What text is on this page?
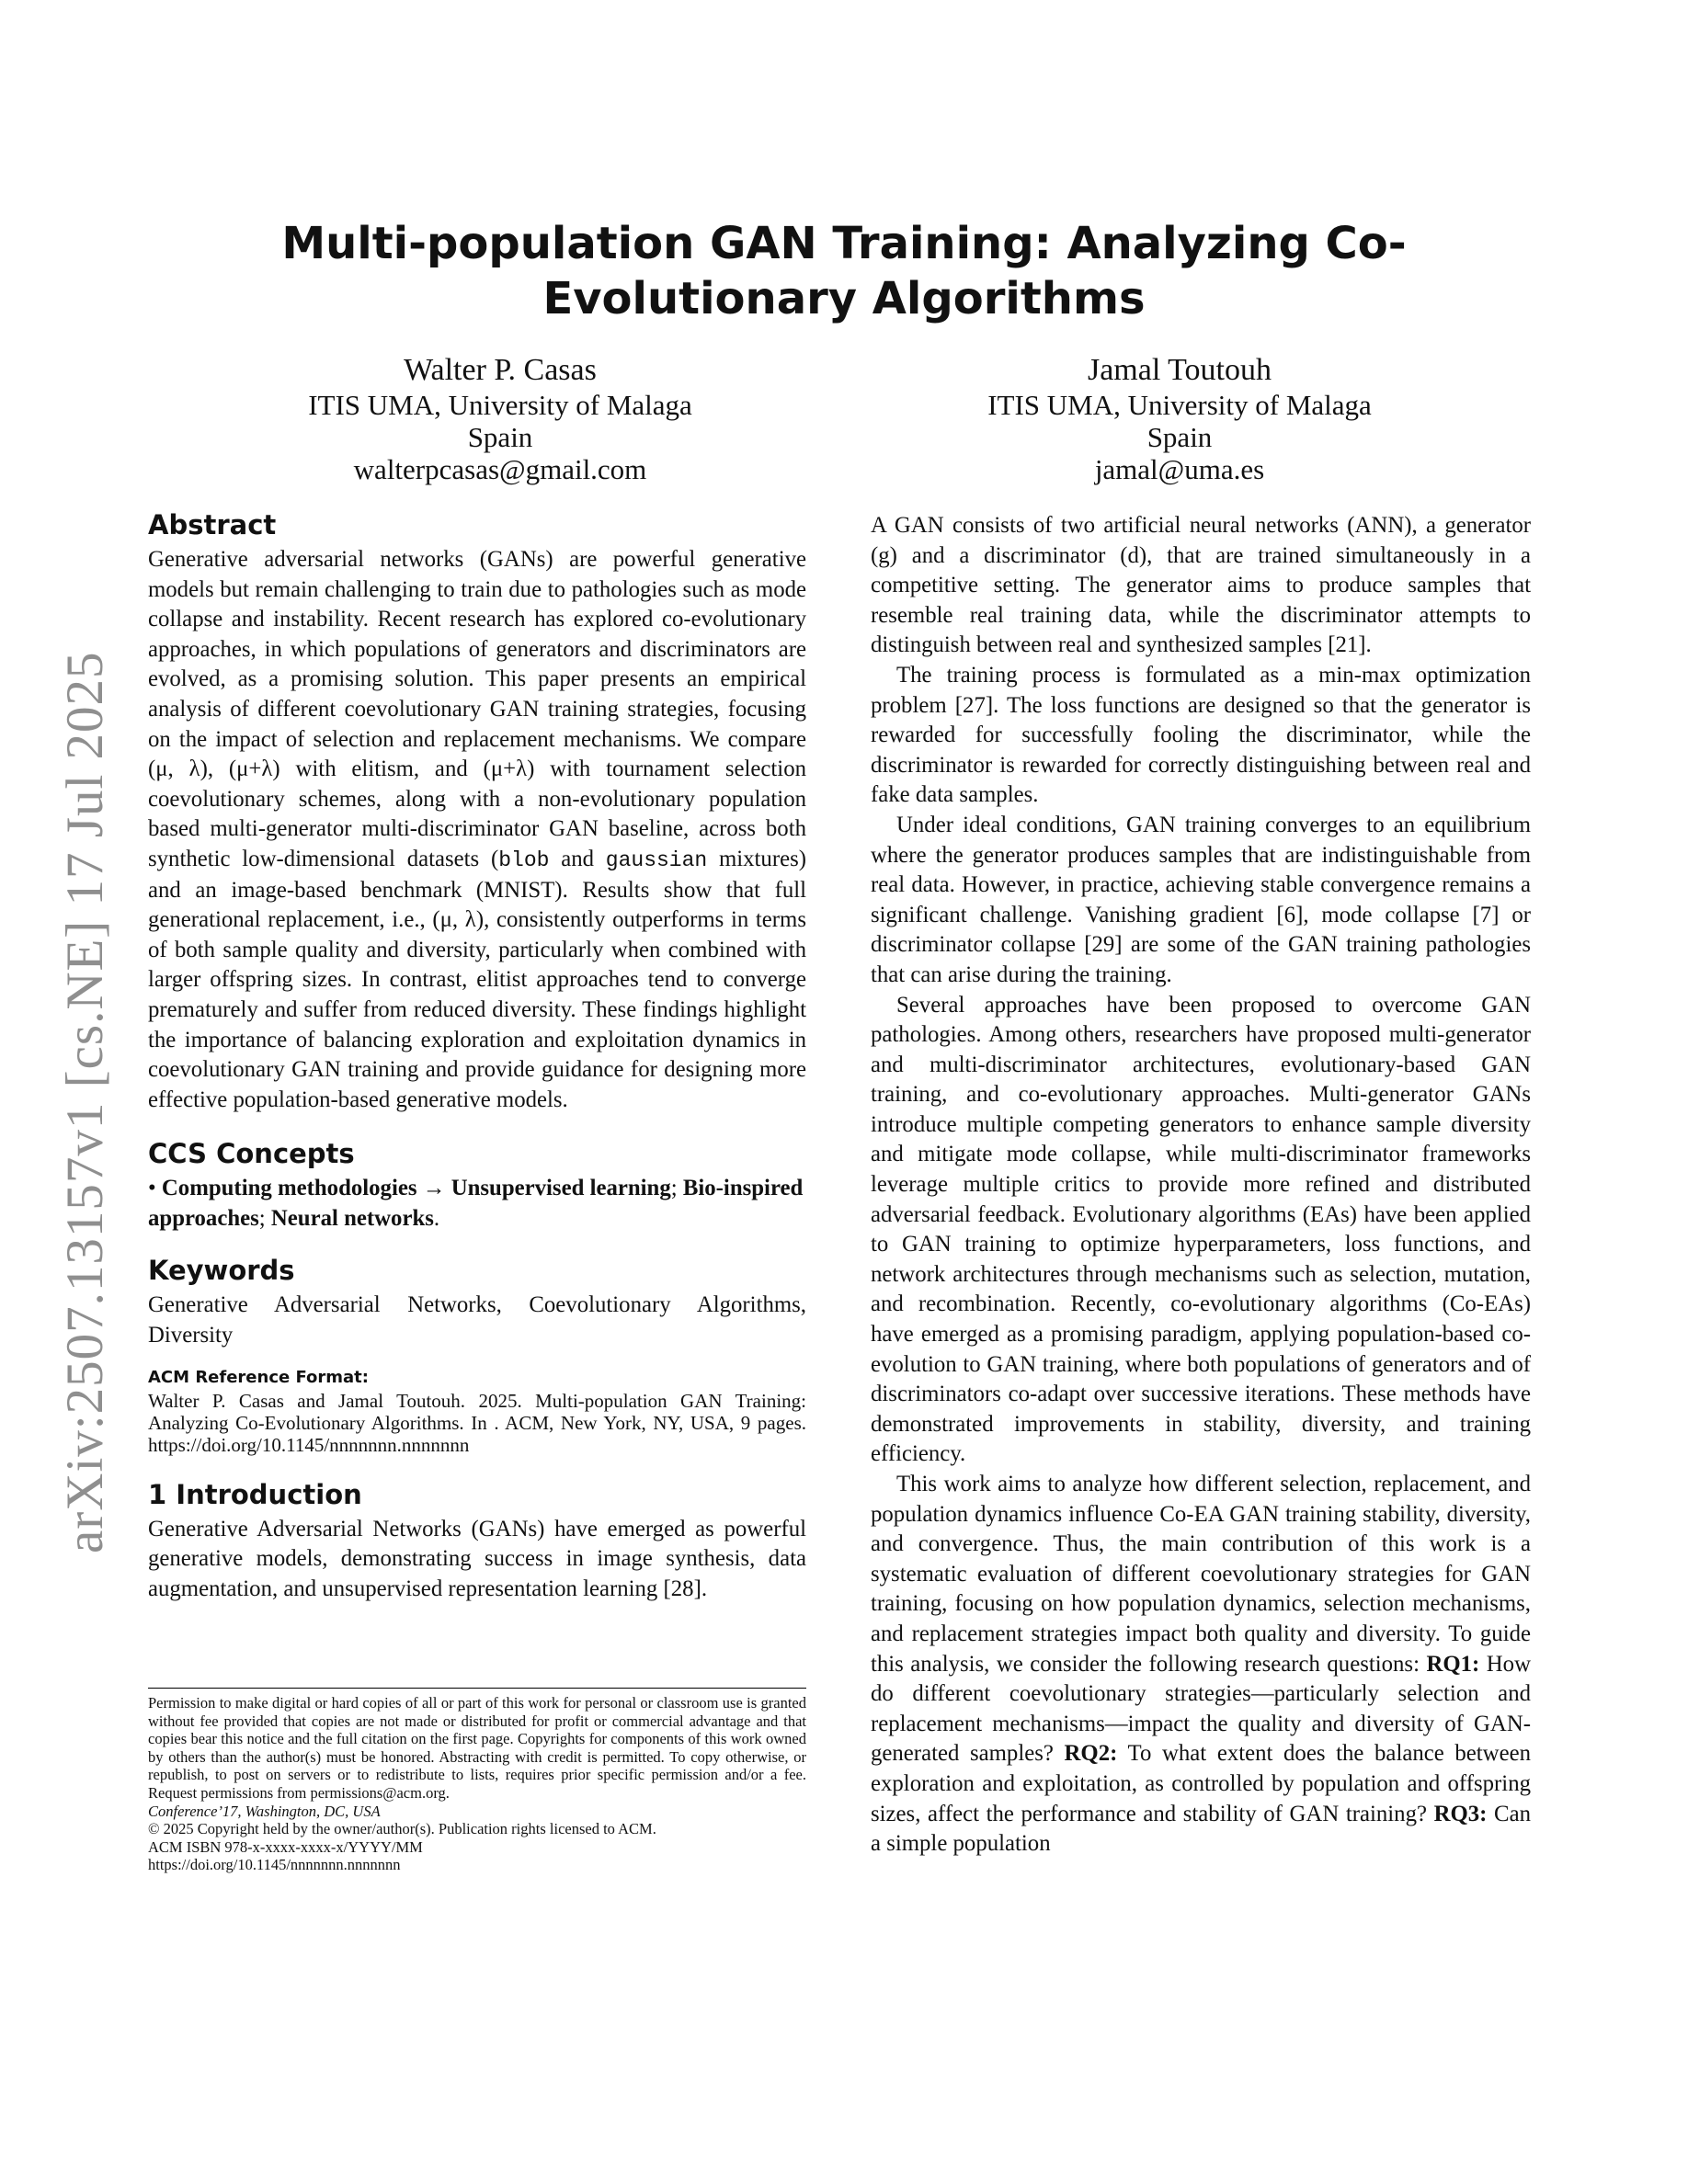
arXiv:2507.13157v1 [cs.NE] 17 Jul 2025
Multi-population GAN Training: Analyzing Co-Evolutionary Algorithms
Walter P. Casas
ITIS UMA, University of Malaga
Spain
walterpcasas@gmail.com
Jamal Toutouh
ITIS UMA, University of Malaga
Spain
jamal@uma.es
Abstract

Generative adversarial networks (GANs) are powerful generative models but remain challenging to train due to pathologies such as mode collapse and instability. Recent research has explored co-evolutionary approaches, in which populations of generators and discriminators are evolved, as a promising solution. This paper presents an empirical analysis of different coevolutionary GAN training strategies, focusing on the impact of selection and replacement mechanisms. We compare (μ, λ), (μ+λ) with elitism, and (μ+λ) with tournament selection coevolutionary schemes, along with a non-evolutionary population based multi-generator multi-discriminator GAN baseline, across both synthetic low-dimensional datasets (blob and gaussian mixtures) and an image-based benchmark (MNIST). Results show that full generational replacement, i.e., (μ, λ), consistently outperforms in terms of both sample quality and diversity, particularly when combined with larger offspring sizes. In contrast, elitist approaches tend to converge prematurely and suffer from reduced diversity. These findings highlight the importance of balancing exploration and exploitation dynamics in coevolutionary GAN training and provide guidance for designing more effective population-based generative models.

CCS Concepts

• Computing methodologies → Unsupervised learning; Bio-inspired approaches; Neural networks.

Keywords

Generative Adversarial Networks, Coevolutionary Algorithms, Diversity

ACM Reference Format:

Walter P. Casas and Jamal Toutouh. 2025. Multi-population GAN Training: Analyzing Co-Evolutionary Algorithms. In . ACM, New York, NY, USA, 9 pages. https://doi.org/10.1145/nnnnnnn.nnnnnnn

1 Introduction

Generative Adversarial Networks (GANs) have emerged as powerful generative models, demonstrating success in image synthesis, data augmentation, and unsupervised representation learning [28].

Permission to make digital or hard copies of all or part of this work for personal or classroom use is granted without fee provided that copies are not made or distributed for profit or commercial advantage and that copies bear this notice and the full citation on the first page. Copyrights for components of this work owned by others than the author(s) must be honored. Abstracting with credit is permitted. To copy otherwise, or republish, to post on servers or to redistribute to lists, requires prior specific permission and/or a fee. Request permissions from permissions@acm.org.

Conference’17, Washington, DC, USA

© 2025 Copyright held by the owner/author(s). Publication rights licensed to ACM.

ACM ISBN 978-x-xxxx-xxxx-x/YYYY/MM

https://doi.org/10.1145/nnnnnnn.nnnnnnn

A GAN consists of two artificial neural networks (ANN), a generator (g) and a discriminator (d), that are trained simultaneously in a competitive setting. The generator aims to produce samples that resemble real training data, while the discriminator attempts to distinguish between real and synthesized samples [21].

The training process is formulated as a min-max optimization problem [27]. The loss functions are designed so that the generator is rewarded for successfully fooling the discriminator, while the discriminator is rewarded for correctly distinguishing between real and fake data samples.

Under ideal conditions, GAN training converges to an equilibrium where the generator produces samples that are indistinguishable from real data. However, in practice, achieving stable convergence remains a significant challenge. Vanishing gradient [6], mode collapse [7] or discriminator collapse [29] are some of the GAN training pathologies that can arise during the training.

Several approaches have been proposed to overcome GAN pathologies. Among others, researchers have proposed multi-generator and multi-discriminator architectures, evolutionary-based GAN training, and co-evolutionary approaches. Multi-generator GANs introduce multiple competing generators to enhance sample diversity and mitigate mode collapse, while multi-discriminator frameworks leverage multiple critics to provide more refined and distributed adversarial feedback. Evolutionary algorithms (EAs) have been applied to GAN training to optimize hyperparameters, loss functions, and network architectures through mechanisms such as selection, mutation, and recombination. Recently, co-evolutionary algorithms (Co-EAs) have emerged as a promising paradigm, applying population-based co-evolution to GAN training, where both populations of generators and of discriminators co-adapt over successive iterations. These methods have demonstrated improvements in stability, diversity, and training efficiency.

This work aims to analyze how different selection, replacement, and population dynamics influence Co-EA GAN training stability, diversity, and convergence. Thus, the main contribution of this work is a systematic evaluation of different coevolutionary strategies for GAN training, focusing on how population dynamics, selection mechanisms, and replacement strategies impact both quality and diversity. To guide this analysis, we consider the following research questions: RQ1: How do different coevolutionary strategies—particularly selection and replacement mechanisms—impact the quality and diversity of GAN-generated samples? RQ2: To what extent does the balance between exploration and exploitation, as controlled by population and offspring sizes, affect the performance and stability of GAN training? RQ3: Can a simple population
